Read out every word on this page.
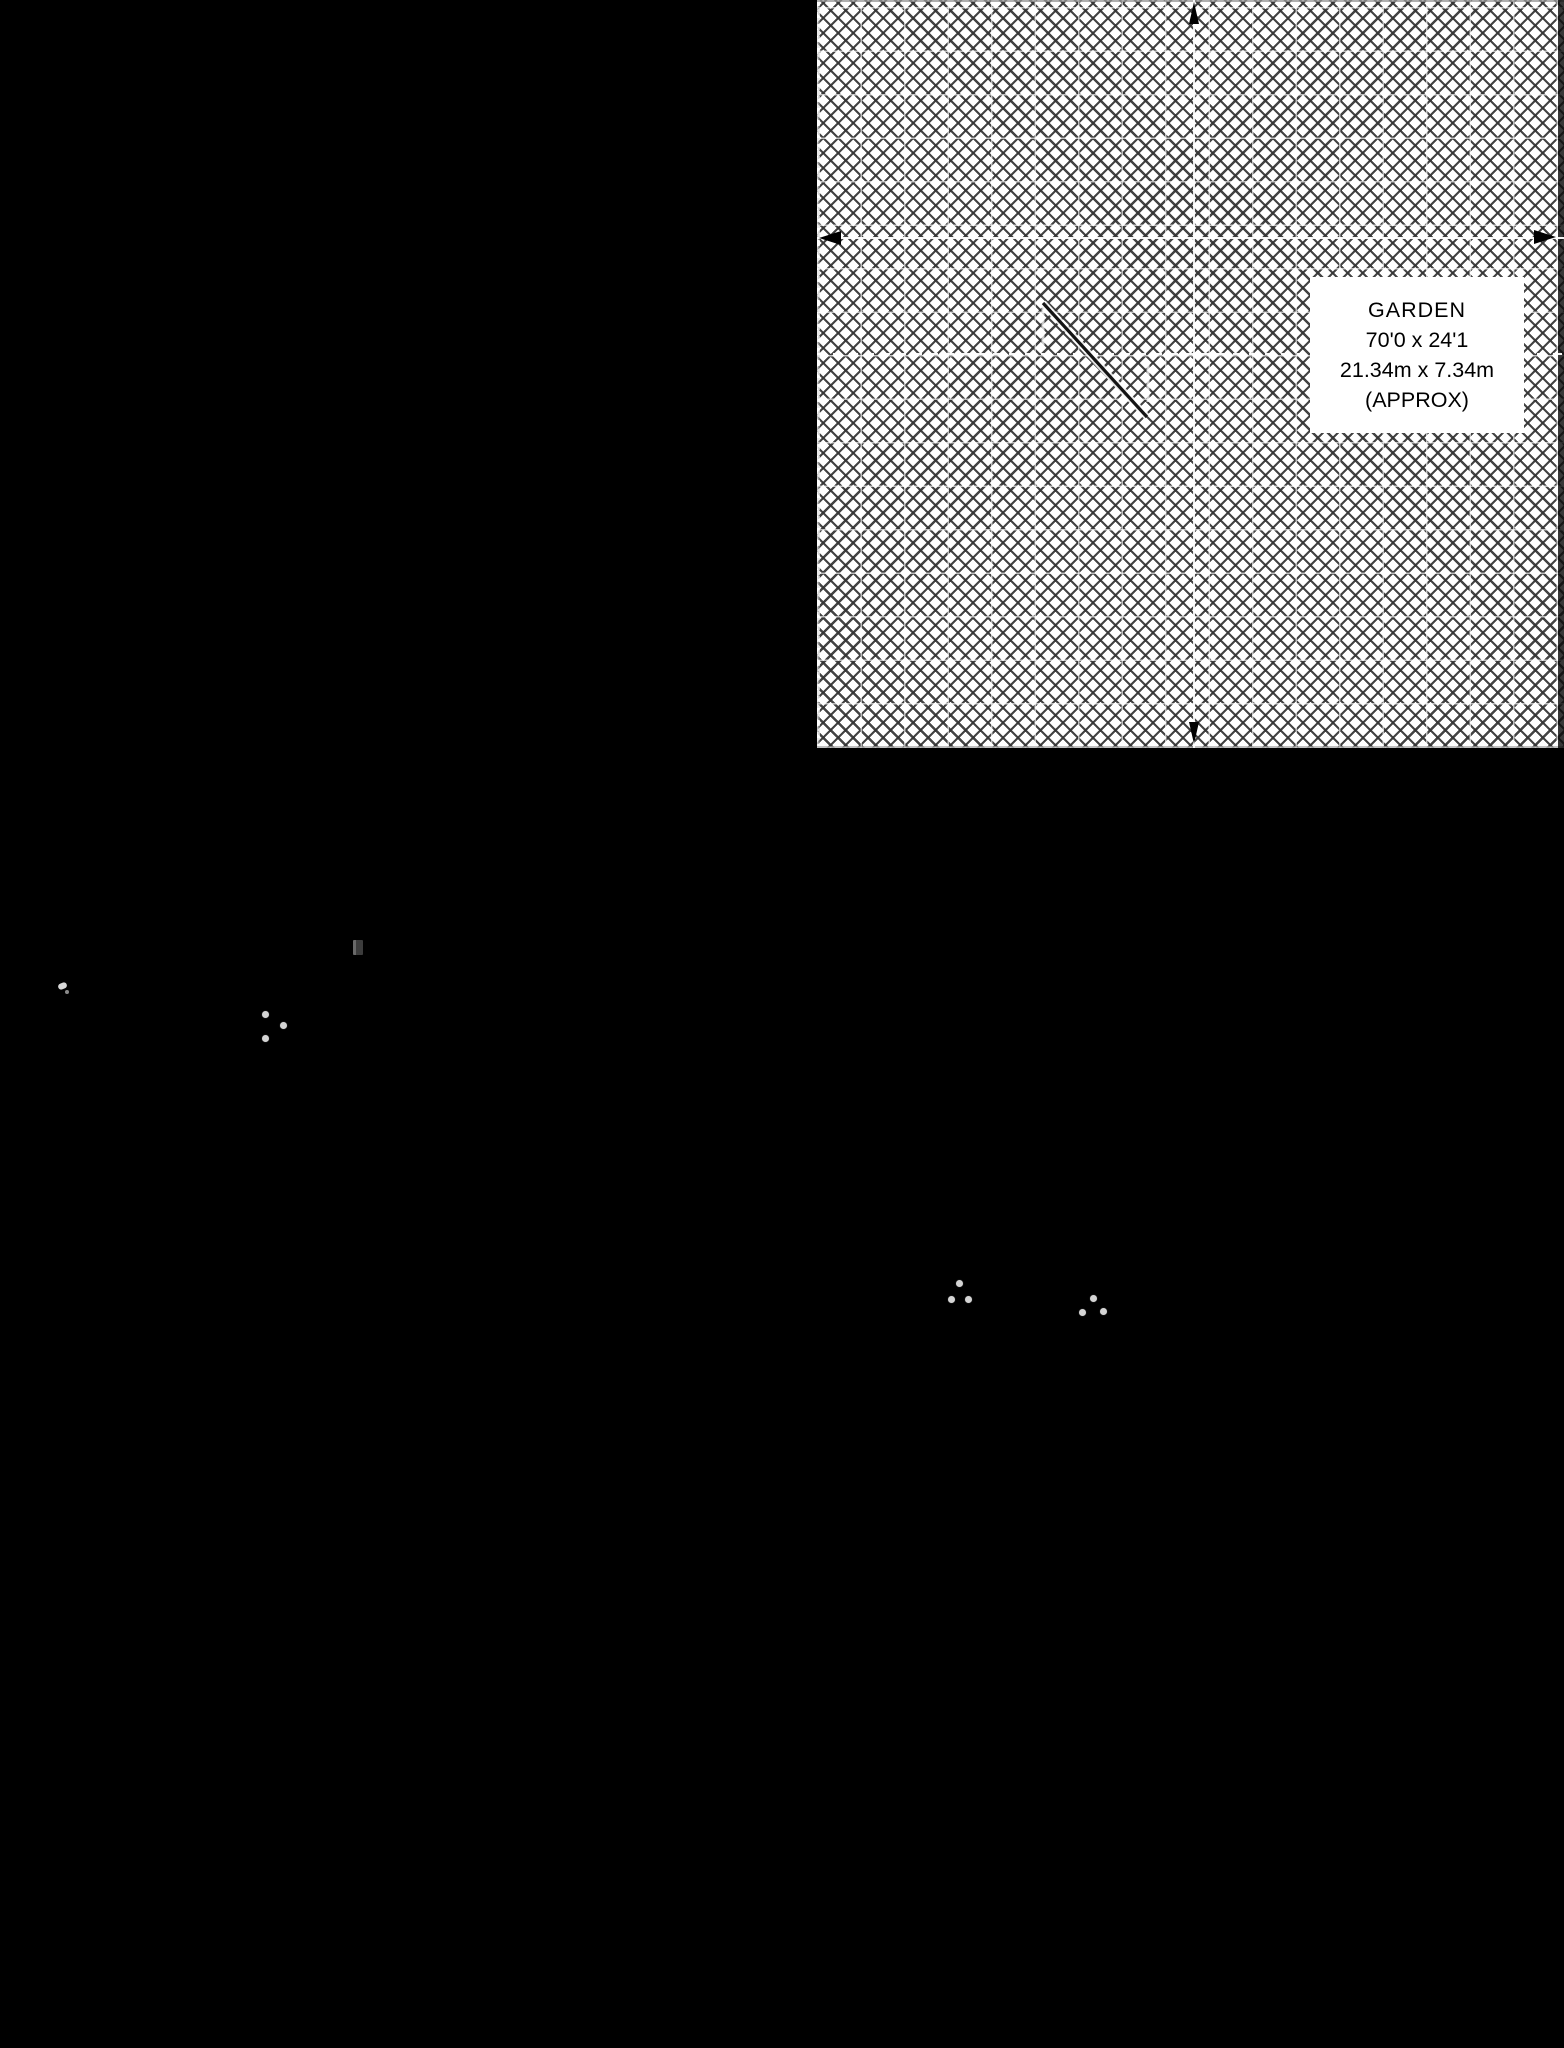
GARDEN
70'0 x 24'1
21.34m x 7.34m
(APPROX)
